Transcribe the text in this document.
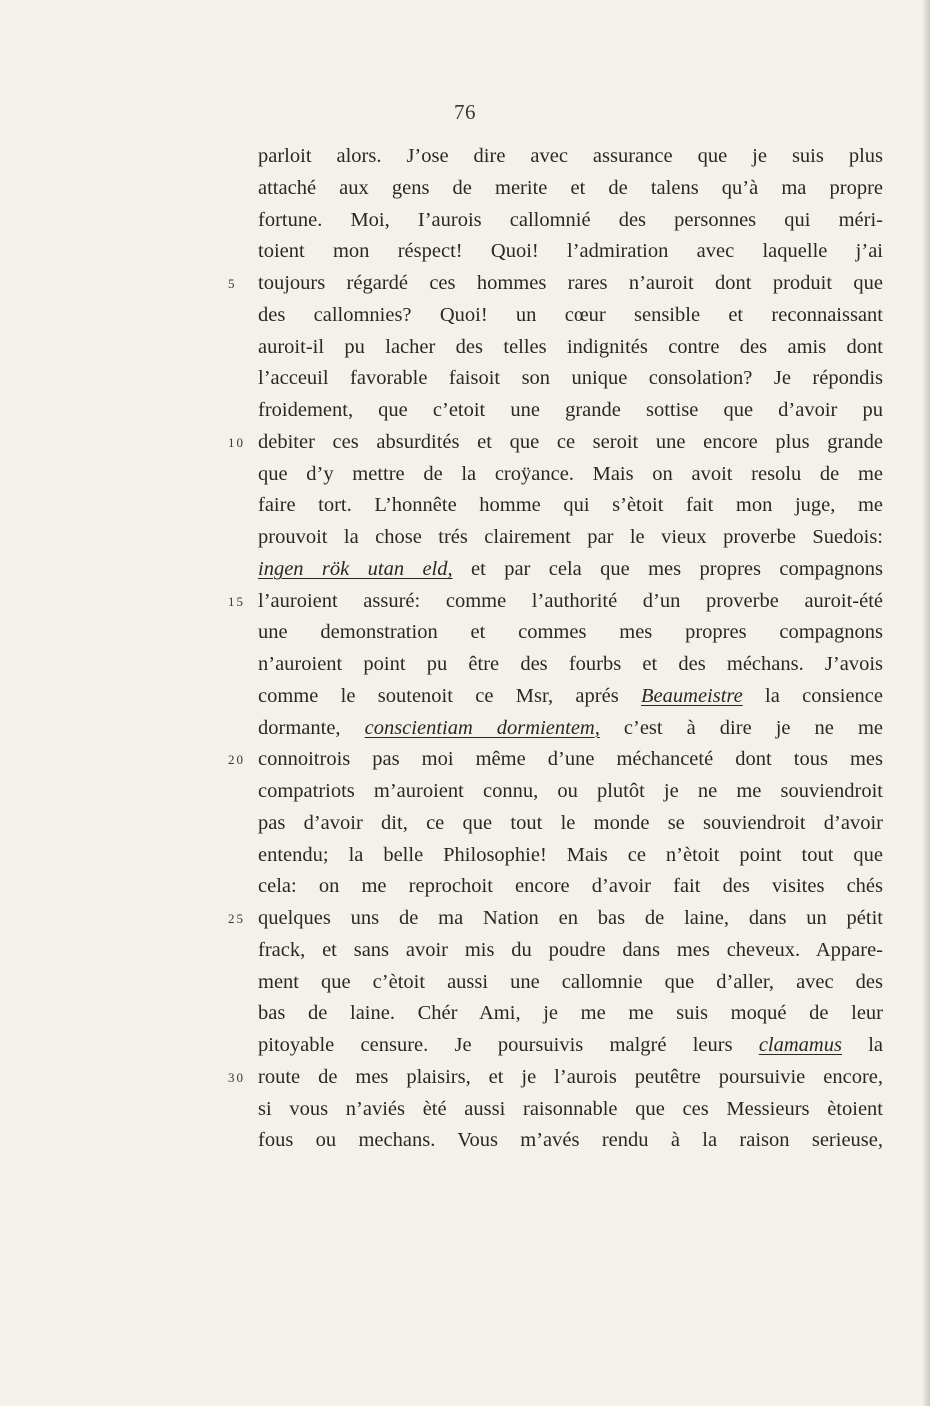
76
parloit alors. J’ose dire avec assurance que je suis plus
attaché aux gens de merite et de talens qu’à ma propre
fortune. Moi, I’aurois callomnié des personnes qui méri-
toient mon réspect! Quoi! l’admiration avec laquelle j’ai
5	toujours régardé ces hommes rares n’auroit dont produit que
des callomnies? Quoi! un cœur sensible et reconnaissant
auroit-il pu lacher des telles indignités contre des amis dont
l’acceuil favorable faisoit son unique consolation? Je répondis
froidement, que c’etoit une grande sottise que d’avoir pu
10 debiter ces absurdités et que ce seroit une encore plus grande
que d’y mettre de la croÿance. Mais on avoit resolu de me
faire tort. L’honnête homme qui s’ètoit fait mon juge, me
prouvoit la chose trés clairement par le vieux proverbe Suedois:
ingen rök utan eld, et par cela que mes propres compagnons
15 l’auroient assuré: comme l’authorité d’un proverbe auroit-été
une demonstration et commes mes propres compagnons
n’auroient point pu être des fourbs et des méchans. J’avois
comme le soutenoit ce Msr, aprés Beaumeistre la consience
dormante, conscientiam dormientem, c’est à dire je ne me
20 connoitrois pas moi même d’une méchanceté dont tous mes
compatriots m’auroient connu, ou plutôt je ne me souviendroit
pas d’avoir dit, ce que tout le monde se souviendroit d’avoir
entendu; la belle Philosophie! Mais ce n’ètoit point tout que
cela: on me reprochoit encore d’avoir fait des visites chés
25 quelques uns de ma Nation en bas de laine, dans un pétit
frack, et sans avoir mis du poudre dans mes cheveux. Appare-
ment que c’ètoit aussi une callomnie que d’aller, avec des
bas de laine. Chér Ami, je me me suis moqué de leur
pitoyable censure. Je poursuivis malgré leurs clamamus la
30 route de mes plaisirs, et je l’aurois peutêtre poursuivie encore,
si vous n’aviés èté aussi raisonnable que ces Messieurs ètoient
fous ou mechans. Vous m’avés rendu à la raison serieuse,
